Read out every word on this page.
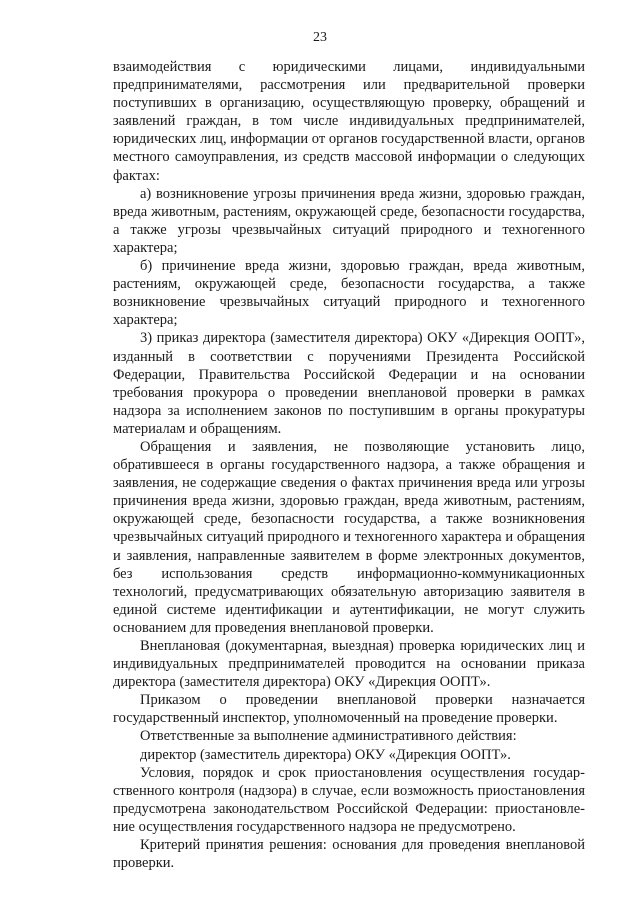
23

взаимодействия с юридическими лицами, индивидуальными предпринимателями, рассмотрения или предварительной проверки поступивших в организацию, осуществляющую проверку, обращений и заявлений граждан, в том числе индивидуальных предпринимателей, юридических лиц, информации от органов государственной власти, органов местного самоуправления, из средств массовой информации о следующих фактах:

а) возникновение угрозы причинения вреда жизни, здоровью граждан, вреда животным, растениям, окружающей среде, безопасности государства, а также угрозы чрезвычайных ситуаций природного и техногенного характера;

б) причинение вреда жизни, здоровью граждан, вреда животным, растениям, окружающей среде, безопасности государства, а также возникновение чрезвычайных ситуаций природного и техногенного характера;

3) приказ директора (заместителя директора) ОКУ «Дирекция ООПТ», изданный в соответствии с поручениями Президента Российской Федерации, Правительства Российской Федерации и на основании требования прокурора о проведении внеплановой проверки в рамках надзора за исполнением законов по поступившим в органы прокуратуры материалам и обращениям.

Обращения и заявления, не позволяющие установить лицо, обратившееся в органы государственного надзора, а также обращения и заявления, не содержащие сведения о фактах причинения вреда или угрозы причинения вреда жизни, здоровью граждан, вреда животным, растениям, окружающей среде, безопасности государства, а также возникновения чрезвычайных ситуаций природного и техногенного характера и обращения и заявления, направленные заявителем в форме электронных документов, без использования средств информационно-коммуникационных технологий, предусматривающих обязательную авторизацию заявителя в единой системе идентификации и аутентификации, не могут служить основанием для проведения внеплановой проверки.

Внеплановая (документарная, выездная) проверка юридических лиц и индивидуальных предпринимателей проводится на основании приказа директора (заместителя директора) ОКУ «Дирекция ООПТ».

Приказом о проведении внеплановой проверки назначается государственный инспектор, уполномоченный на проведение проверки.

Ответственные за выполнение административного действия:

директор (заместитель директора) ОКУ «Дирекция ООПТ».

Условия, порядок и срок приостановления осуществления государ-ственного контроля (надзора) в случае, если возможность приостановления предусмотрена законодательством Российской Федерации: приостановле-ние осуществления государственного надзора не предусмотрено.

Критерий принятия решения: основания для проведения внеплановой проверки.
